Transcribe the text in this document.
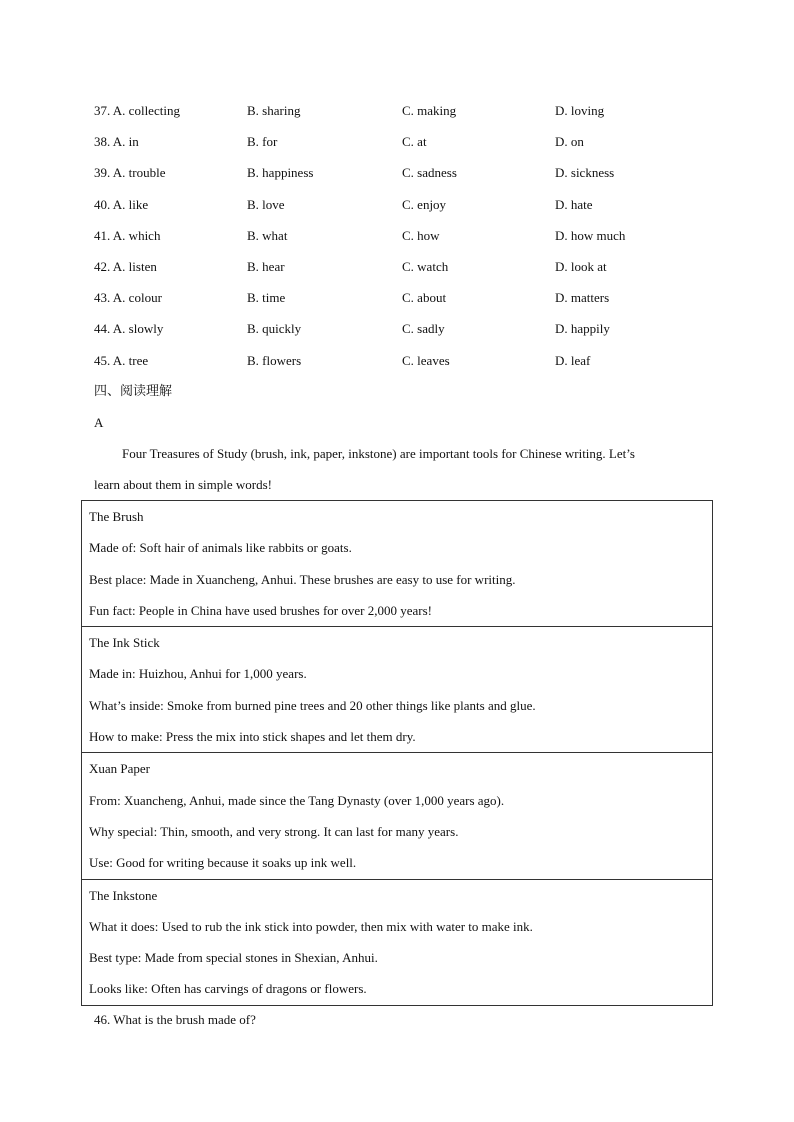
37. A. collecting	B. sharing	C. making	D. loving
38. A. in	B. for	C. at	D. on
39. A. trouble	B. happiness	C. sadness	D. sickness
40. A. like	B. love	C. enjoy	D. hate
41. A. which	B. what	C. how	D. how much
42. A. listen	B. hear	C. watch	D. look at
43. A. colour	B. time	C. about	D. matters
44. A. slowly	B. quickly	C. sadly	D. happily
45. A. tree	B. flowers	C. leaves	D. leaf
四、阅读理解
A
Four Treasures of Study (brush, ink, paper, inkstone) are important tools for Chinese writing. Let’s
learn about them in simple words!
The Brush
Made of: Soft hair of animals like rabbits or goats.
Best place: Made in Xuancheng, Anhui. These brushes are easy to use for writing.
Fun fact: People in China have used brushes for over 2,000 years!

The Ink Stick
Made in: Huizhou, Anhui for 1,000 years.
What’s inside: Smoke from burned pine trees and 20 other things like plants and glue.
How to make: Press the mix into stick shapes and let them dry.

Xuan Paper
From: Xuancheng, Anhui, made since the Tang Dynasty (over 1,000 years ago).
Why special: Thin, smooth, and very strong. It can last for many years.
Use: Good for writing because it soaks up ink well.

The Inkstone
What it does: Used to rub the ink stick into powder, then mix with water to make ink.
Best type: Made from special stones in Shexian, Anhui.
Looks like: Often has carvings of dragons or flowers.
46. What is the brush made of?
